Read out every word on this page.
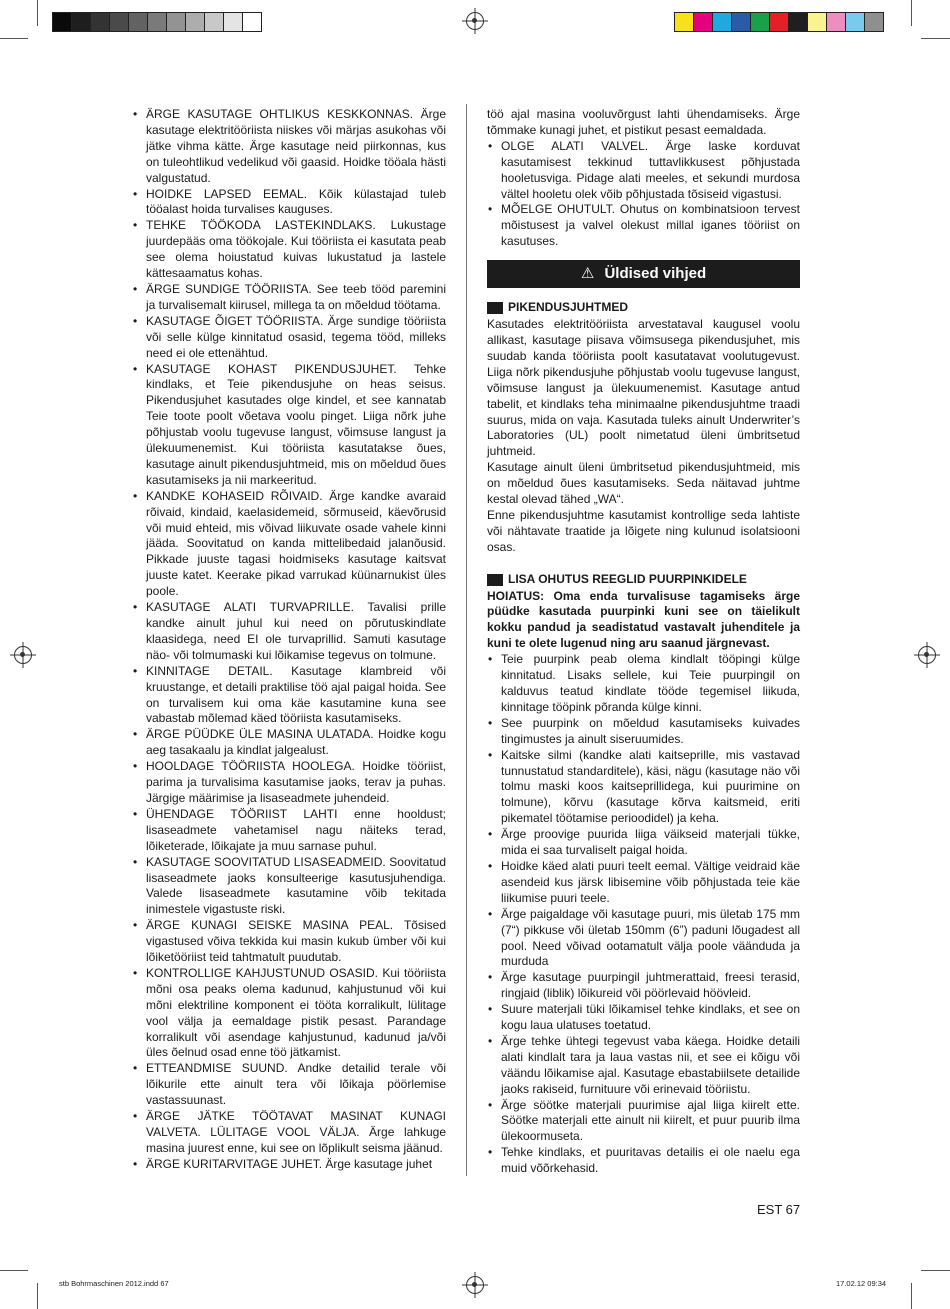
• ÄRGE KASUTAGE OHTLIKUS KESKKONNAS. Ärge kasutage elektritööriista niiskes või märjas asukohas või jätke vihma kätte. Ärge kasutage neid piirkonnas, kus on tuleohtlikud vedelikud või gaasid. Hoidke tööala hästi valgustatud.
• HOIDKE LAPSED EEMAL. Kõik külastajad tuleb tööalast hoida turvalises kauguses.
• TEHKE TÖÖKODA LASTEKINDLAKS. Lukustage juurdepääs oma töökojale. Kui tööriista ei kasutata peab see olema hoiustatud kuivas lukustatud ja lastele kättesaamatus kohas.
• ÄRGE SUNDIGE TÖÖRIISTA. See teeb tööd paremini ja turvalisemalt kiirusel, millega ta on mõeldud töötama.
• KASUTAGE ÕIGET TÖÖRIISTA. Ärge sundige tööriista või selle külge kinnitatud osasid, tegema tööd, milleks need ei ole ettenähtud.
• KASUTAGE KOHAST PIKENDUSJUHET. Tehke kindlaks, et Teie pikendusjuhe on heas seisus. Pikendusjuhet kasutades olge kindel, et see kannatab Teie toote poolt võetava voolu pinget. Liiga nõrk juhe põhjustab voolu tugevuse langust, võimsuse langust ja ülekuumenemist. Kui tööriista kasutatakse õues, kasutage ainult pikendusjuhtmeid, mis on mõeldud õues kasutamiseks ja nii markeeritud.
• KANDKE KOHASEID RÕIVAID. Ärge kandke avaraid rõivaid, kindaid, kaelasidemeid, sõrmuseid, käevõrusid või muid ehteid, mis võivad liikuvate osade vahele kinni jääda. Soovitatud on kanda mittelibedaid jalanõusid. Pikkade juuste tagasi hoidmiseks kasutage kaitsvat juuste katet. Keerake pikad varrukad küünarnukist üles poole.
• KASUTAGE ALATI TURVAPRILLE. Tavalisi prille kandke ainult juhul kui need on põrutuskindlate klaasidega, need EI ole turvaprillid. Samuti kasutage näo- või tolmumaski kui lõikamise tegevus on tolmune.
• KINNITAGE DETAIL. Kasutage klambreid või kruustange, et detaili praktilise töö ajal paigal hoida. See on turvalisem kui oma käe kasutamine kuna see vabastab mõlemad käed tööriista kasutamiseks.
• ÄRGE PÜÜDKE ÜLE MASINA ULATADA. Hoidke kogu aeg tasakaalu ja kindlat jalgealust.
• HOOLDAGE TÖÖRIISTA HOOLEGA. Hoidke tööriist, parima ja turvalisima kasutamise jaoks, terav ja puhas. Järgige määrimise ja lisaseadmete juhendeid.
• ÜHENDAGE TÖÖRIIST LAHTI enne hooldust; lisaseadmete vahetamisel nagu näiteks terad, lõiketerade, lõikajate ja muu sarnase puhul.
• KASUTAGE SOOVITATUD LISASEADMEID. Soovitatud lisaseadmete jaoks konsulteerige kasutusjuhendiga. Valede lisaseadmete kasutamine võib tekitada inimestele vigastuste riski.
• ÄRGE KUNAGI SEISKE MASINA PEAL. Tõsised vigastused võiva tekkida kui masin kukub ümber või kui lõiketööriist teid tahtmatult puudutab.
• KONTROLLIGE KAHJUSTUNUD OSASID. Kui tööriista mõni osa peaks olema kadunud, kahjustunud või kui mõni elektriline komponent ei tööta korralikult, lülitage vool välja ja eemaldage pistik pesast. Parandage korralikult või asendage kahjustunud, kadunud ja/või üles õelnud osad enne töö jätkamist.
• ETTEANDMISE SUUND. Andke detailid terale või lõikurile ette ainult tera või lõikaja pöörlemise vastassuunast.
• ÄRGE JÄTKE TÖÖTAVAT MASINAT KUNAGI VALVETA. LÜLITAGE VOOL VÄLJA. Ärge lahkuge masina juurest enne, kui see on lõplikult seisma jäänud.
• ÄRGE KURITARVITAGE JUHET. Ärge kasutage juhet

töö ajal masina vooluvõrgust lahti ühendamiseks. Ärge tõmmake kunagi juhet, et pistikut pesast eemaldada.

• OLGE ALATI VALVEL. Ärge laske korduvat kasutamisest tekkinud tuttavlikkusest põhjustada hooletusviga. Pidage alati meeles, et sekundi murdosa vältel hooletu olek võib põhjustada tõsiseid vigastusi.
• MÕELGE OHUTULT. Ohutus on kombinatsioon tervest mõistusest ja valvel olekust millal iganes tööriist on kasutuses.
⚠ Üldised vihjed
PIKENDUSJUHTMED

Kasutades elektritööriista arvestataval kaugusel voolu allikast, kasutage piisava võimsusega pikendusjuhet, mis suudab kanda tööriista poolt kasutatavat voolutugevust. Liiga nõrk pikendusjuhe põhjustab voolu tugevuse langust, võimsuse langust ja ülekuumenemist. Kasutage antud tabelit, et kindlaks teha minimaalne pikendusjuhtme traadi suurus, mida on vaja. Kasutada tuleks ainult Underwriter’s Laboratories (UL) poolt nimetatud üleni ümbritsetud juhtmeid.

Kasutage ainult üleni ümbritsetud pikendusjuhtmeid, mis on mõeldud õues kasutamiseks. Seda näitavad juhtme kestal olevad tähed „WA“.

Enne pikendusjuhtme kasutamist kontrollige seda lahtiste või nähtavate traatide ja lõigete ning kulunud isolatsiooni osas.

LISA OHUTUS REEGLID PUURPINKIDELE

HOIATUS: Oma enda turvalisuse tagamiseks ärge püüdke kasutada puurpinki kuni see on täielikult kokku pandud ja seadistatud vastavalt juhenditele ja kuni te olete lugenud ning aru saanud järgnevast.

• Teie puurpink peab olema kindlalt tööpingi külge kinnitatud. Lisaks sellele, kui Teie puurpingil on kalduvus teatud kindlate tööde tegemisel liikuda, kinnitage tööpink põranda külge kinni.
• See puurpink on mõeldud kasutamiseks kuivades tingimustes ja ainult siseruumides.
• Kaitske silmi (kandke alati kaitseprille, mis vastavad tunnustatud standarditele), käsi, nägu (kasutage näo või tolmu maski koos kaitseprillidega, kui puurimine on tolmune), kõrvu (kasutage kõrva kaitsmeid, eriti pikematel töötamise perioodidel) ja keha.
• Ärge proovige puurida liiga väikseid materjali tükke, mida ei saa turvaliselt paigal hoida.
• Hoidke käed alati puuri teelt eemal. Vältige veidraid käe asendeid kus järsk libisemine võib põhjustada teie käe liikumise puuri teele.
• Ärge paigaldage või kasutage puuri, mis ületab 175 mm (7“) pikkuse või ületab 150mm (6”) paduni lõugadest all pool. Need võivad ootamatult välja poole väänduda ja murduda
• Ärge kasutage puurpingil juhtmerattaid, freesi terasid, ringjaid (liblik) lõikureid või pöörlevaid höövleid.
• Suure materjali tüki lõikamisel tehke kindlaks, et see on kogu laua ulatuses toetatud.
• Ärge tehke ühtegi tegevust vaba käega. Hoidke detaili alati kindlalt tara ja laua vastas nii, et see ei kõigu või väändu lõikamise ajal. Kasutage ebastabiilsete detailide jaoks rakiseid, furnituure või erinevaid tööriistu.
• Ärge söötke materjali puurimise ajal liiga kiirelt ette. Söötke materjali ette ainult nii kiirelt, et puur puurib ilma ülekoormuseta.
• Tehke kindlaks, et puuritavas detailis ei ole naelu ega muid võõrkehasid.
EST 67
stb Bohrmaschinen 2012.indd 67	17.02.12 09:34
